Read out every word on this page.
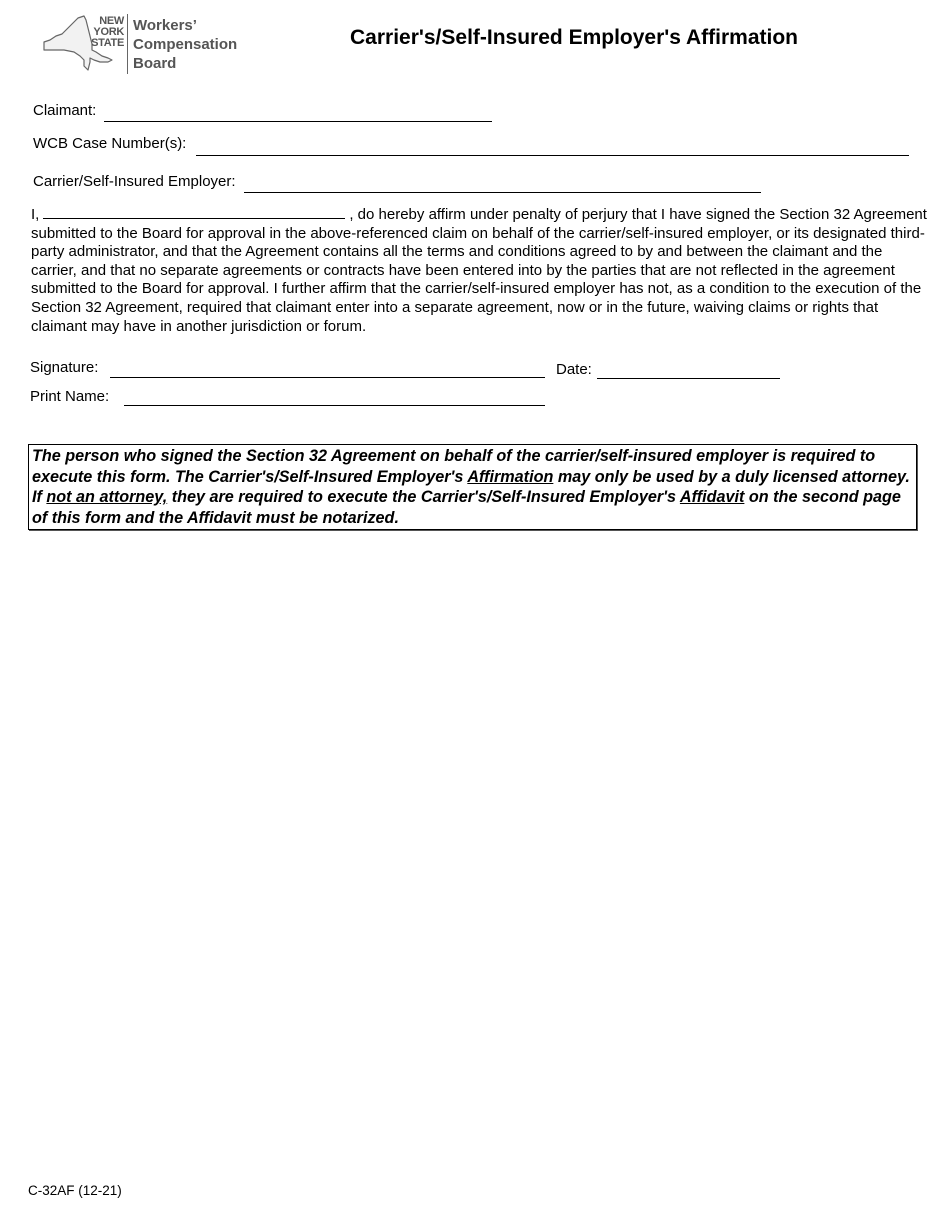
NEW
YORK
STATE
Workers’
Compensation
Board
Carrier's/Self-Insured Employer's Affirmation
Claimant:
WCB Case Number(s):
Carrier/Self-Insured Employer:

I,	, do hereby affirm under penalty of perjury that I have signed the Section 32 Agreement submitted to the Board for approval in the above-referenced claim on behalf of the carrier/self-insured employer, or its designated third-party administrator, and that the Agreement contains all the terms and conditions agreed to by and between the claimant and the carrier, and that no separate agreements or contracts have been entered into by the parties that are not reflected in the agreement submitted to the Board for approval. I further affirm that the carrier/self-insured employer has not, as a condition to the execution of the Section 32 Agreement, required that claimant enter into a separate agreement, now or in the future, waiving claims or rights that claimant may have in another jurisdiction or forum.

Signature:	Date:
Print Name:
The person who signed the Section 32 Agreement on behalf of the carrier/self-insured employer is required to execute this form. The Carrier's/Self-Insured Employer's Affirmation may only be used by a duly licensed attorney. If not an attorney, they are required to execute the Carrier's/Self-Insured Employer's Affidavit on the second page of this form and the Affidavit must be notarized.
C-32AF (12-21)
